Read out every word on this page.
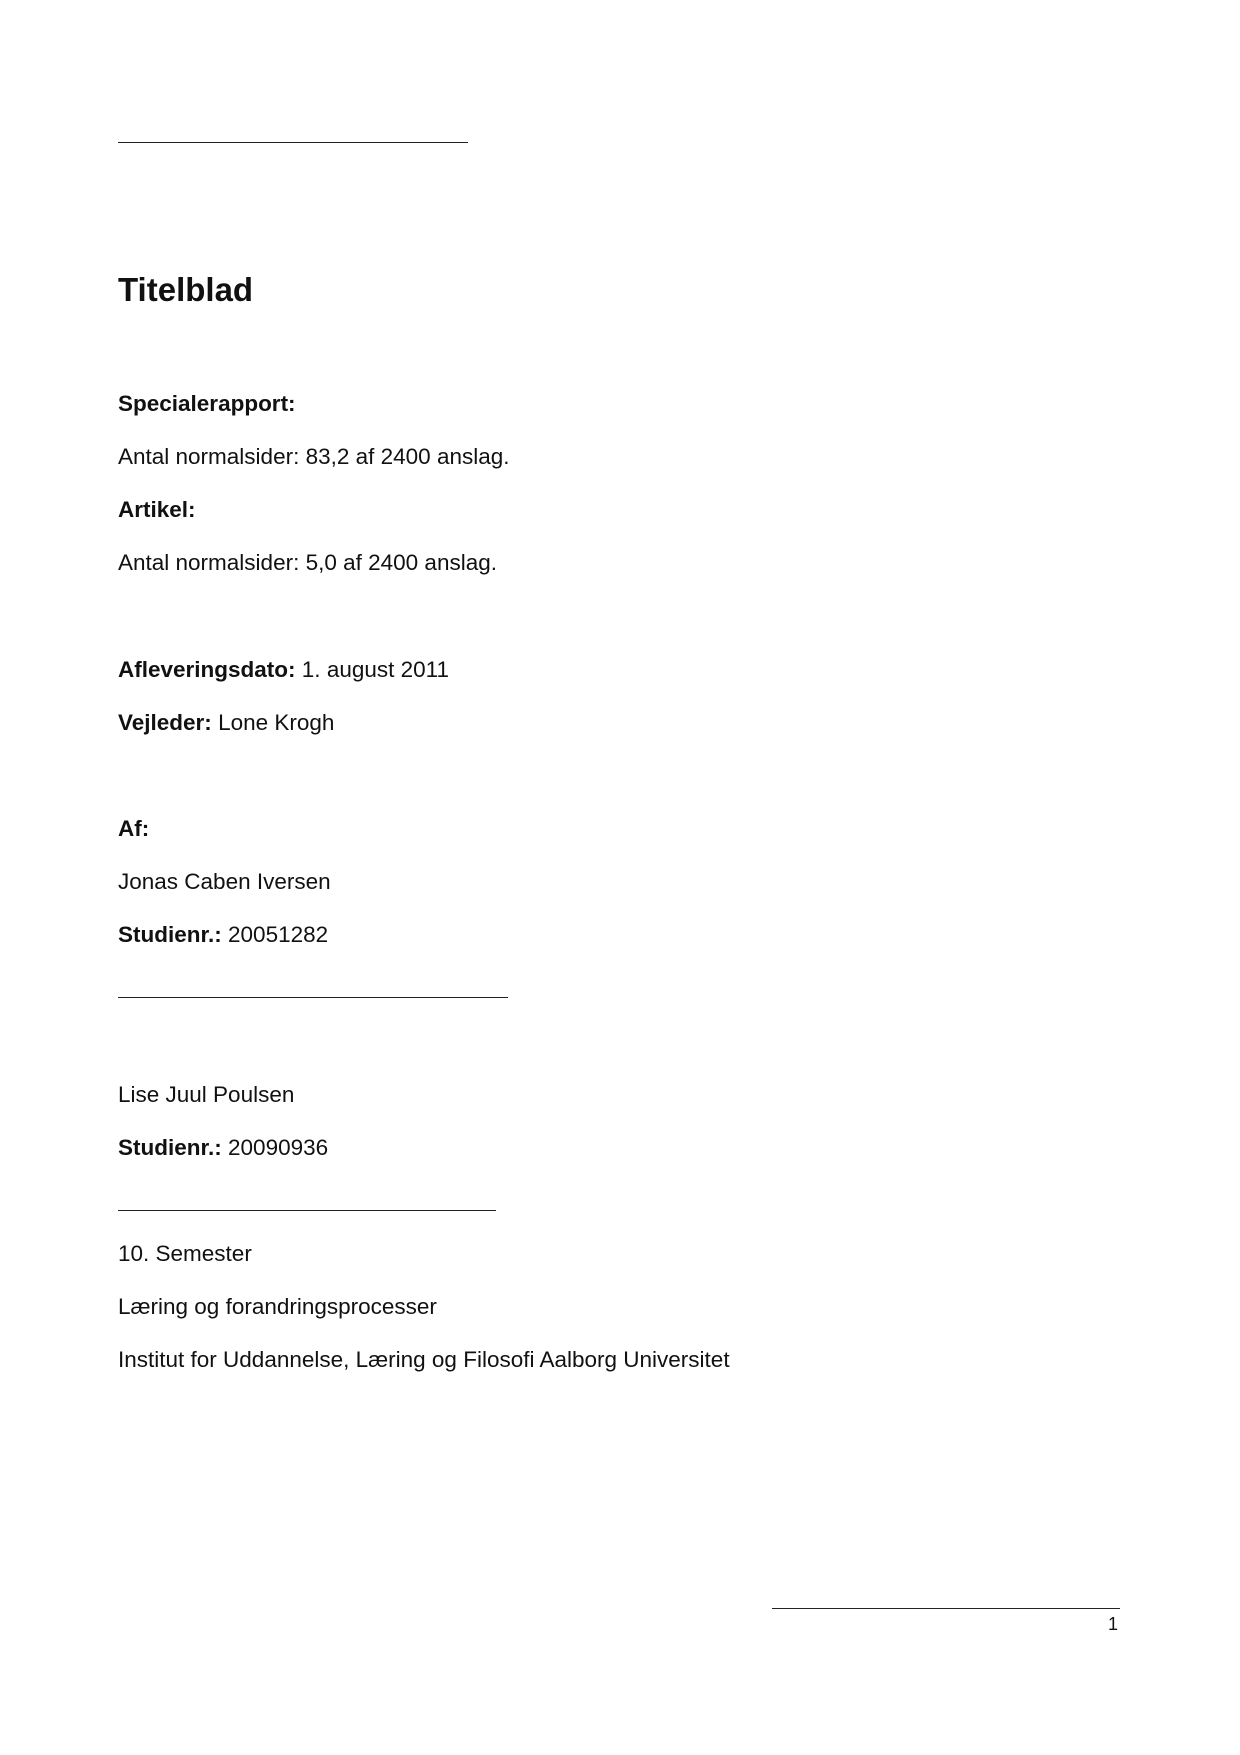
Titelblad

Specialerapport:

Antal normalsider: 83,2 af 2400 anslag.

Artikel:

Antal normalsider: 5,0 af 2400 anslag.

Afleveringsdato: 1. august 2011

Vejleder: Lone Krogh

Af:

Jonas Caben Iversen

Studienr.: 20051282

Lise Juul Poulsen

Studienr.: 20090936

10. Semester

Læring og forandringsprocesser

Institut for Uddannelse, Læring og Filosofi Aalborg Universitet

1
